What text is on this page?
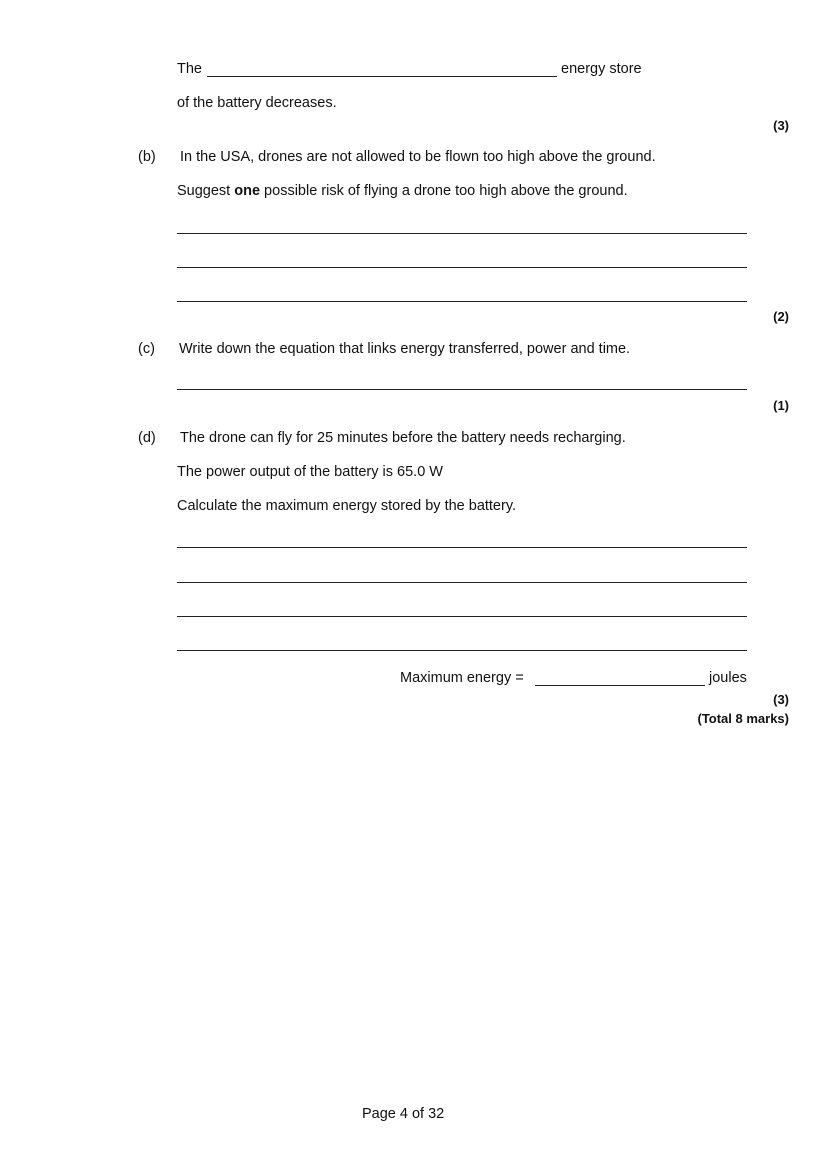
The	energy store
of the battery decreases.
(3)
(b) In the USA, drones are not allowed to be flown too high above the ground.
Suggest one possible risk of flying a drone too high above the ground.
(2)
(c) Write down the equation that links energy transferred, power and time.
(1)
(d) The drone can fly for 25 minutes before the battery needs recharging.
The power output of the battery is 65.0 W
Calculate the maximum energy stored by the battery.
Maximum energy =	joules
(3)
(Total 8 marks)
Page 4 of 32
